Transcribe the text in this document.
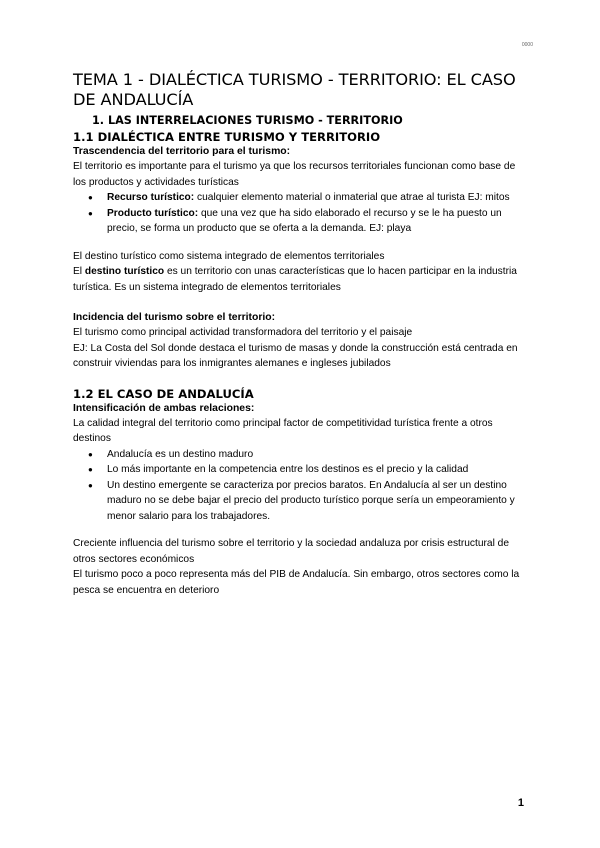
0000
TEMA 1 - DIALÉCTICA TURISMO - TERRITORIO: EL CASO DE ANDALUCÍA
1. LAS INTERRELACIONES TURISMO - TERRITORIO
1.1 DIALÉCTICA ENTRE TURISMO Y TERRITORIO

Trascendencia del territorio para el turismo:

El territorio es importante para el turismo ya que los recursos territoriales funcionan como base de los productos y actividades turísticas

● Recurso turístico: cualquier elemento material o inmaterial que atrae al turista EJ: mitos
● Producto turístico: que una vez que ha sido elaborado el recurso y se le ha puesto un precio, se forma un producto que se oferta a la demanda. EJ: playa

El destino turístico como sistema integrado de elementos territoriales

El destino turístico es un territorio con unas características que lo hacen participar en la industria turística. Es un sistema integrado de elementos territoriales

Incidencia del turismo sobre el territorio:

El turismo como principal actividad transformadora del territorio y el paisaje

EJ: La Costa del Sol donde destaca el turismo de masas y donde la construcción está centrada en construir viviendas para los inmigrantes alemanes e ingleses jubilados

1.2 EL CASO DE ANDALUCÍA

Intensificación de ambas relaciones:

La calidad integral del territorio como principal factor de competitividad turística frente a otros destinos

● Andalucía es un destino maduro
● Lo más importante en la competencia entre los destinos es el precio y la calidad
● Un destino emergente se caracteriza por precios baratos. En Andalucía al ser un destino maduro no se debe bajar el precio del producto turístico porque sería un empeoramiento y menor salario para los trabajadores.

Creciente influencia del turismo sobre el territorio y la sociedad andaluza por crisis estructural de otros sectores económicos

El turismo poco a poco representa más del PIB de Andalucía. Sin embargo, otros sectores como la pesca se encuentra en deterioro

1
